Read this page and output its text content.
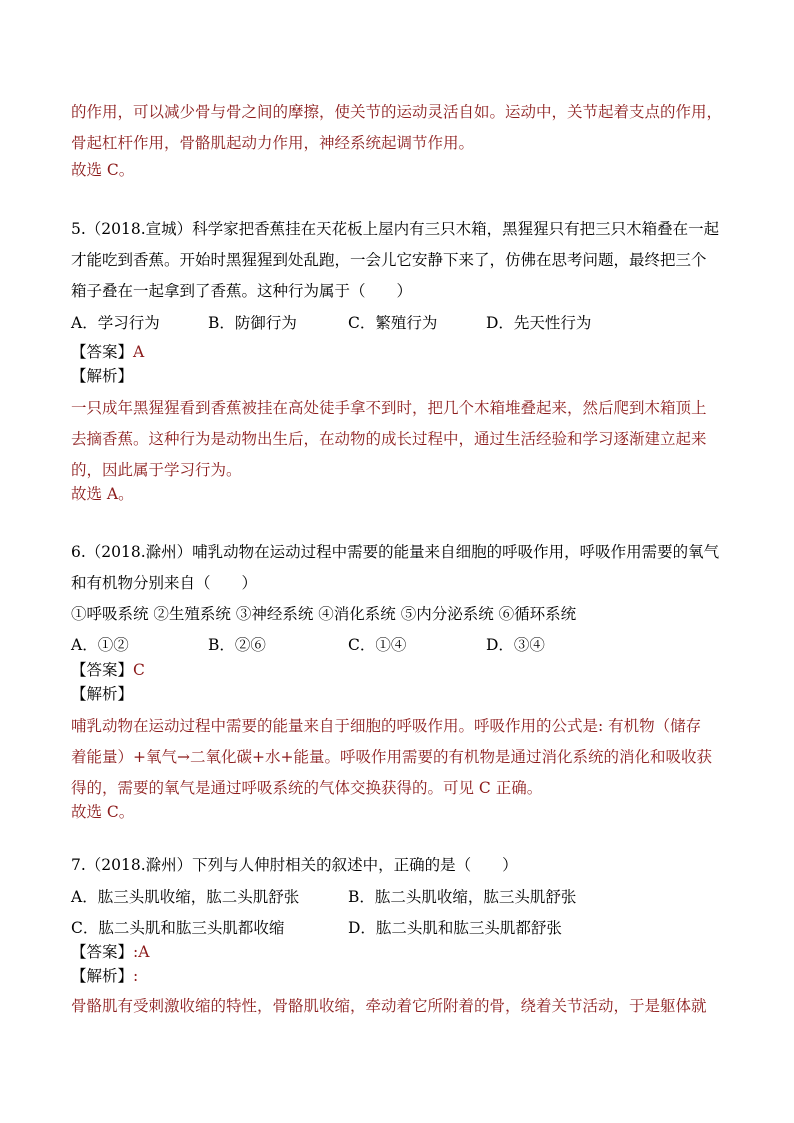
的作用，可以减少骨与骨之间的摩擦，使关节的运动灵活自如。运动中，关节起着支点的作用，
骨起杠杆作用，骨骼肌起动力作用，神经系统起调节作用。
故选 C。
5.（2018.宣城）科学家把香蕉挂在天花板上屋内有三只木箱，黑猩猩只有把三只木箱叠在一起
才能吃到香蕉。开始时黑猩猩到处乱跑，一会儿它安静下来了，仿佛在思考问题，最终把三个
箱子叠在一起拿到了香蕉。这种行为属于（　　）
A．学习行为	B．防御行为	C．繁殖行为	D．先天性行为
【答案】A
【解析】
一只成年黑猩猩看到香蕉被挂在高处徒手拿不到时，把几个木箱堆叠起来，然后爬到木箱顶上
去摘香蕉。这种行为是动物出生后，在动物的成长过程中，通过生活经验和学习逐渐建立起来
的，因此属于学习行为。
故选 A。
6.（2018.滁州）哺乳动物在运动过程中需要的能量来自细胞的呼吸作用，呼吸作用需要的氧气
和有机物分别来自（　　）
①呼吸系统 ②生殖系统 ③神经系统 ④消化系统 ⑤内分泌系统 ⑥循环系统
A．①②	B．②⑥	C．①④	D．③④
【答案】C
【解析】
哺乳动物在运动过程中需要的能量来自于细胞的呼吸作用。呼吸作用的公式是: 有机物（储存
着能量）+氧气→二氧化碳+水+能量。呼吸作用需要的有机物是通过消化系统的消化和吸收获
得的，需要的氧气是通过呼吸系统的气体交换获得的。可见 C 正确。
故选 C。
7.（2018.滁州）下列与人伸肘相关的叙述中，正确的是（　　）
A．肱三头肌收缩，肱二头肌舒张	B．肱二头肌收缩，肱三头肌舒张
C．肱二头肌和肱三头肌都收缩	D．肱二头肌和肱三头肌都舒张
【答案】:A
【解析】:
骨骼肌有受刺激收缩的特性，骨骼肌收缩，牵动着它所附着的骨，绕着关节活动，于是躯体就
